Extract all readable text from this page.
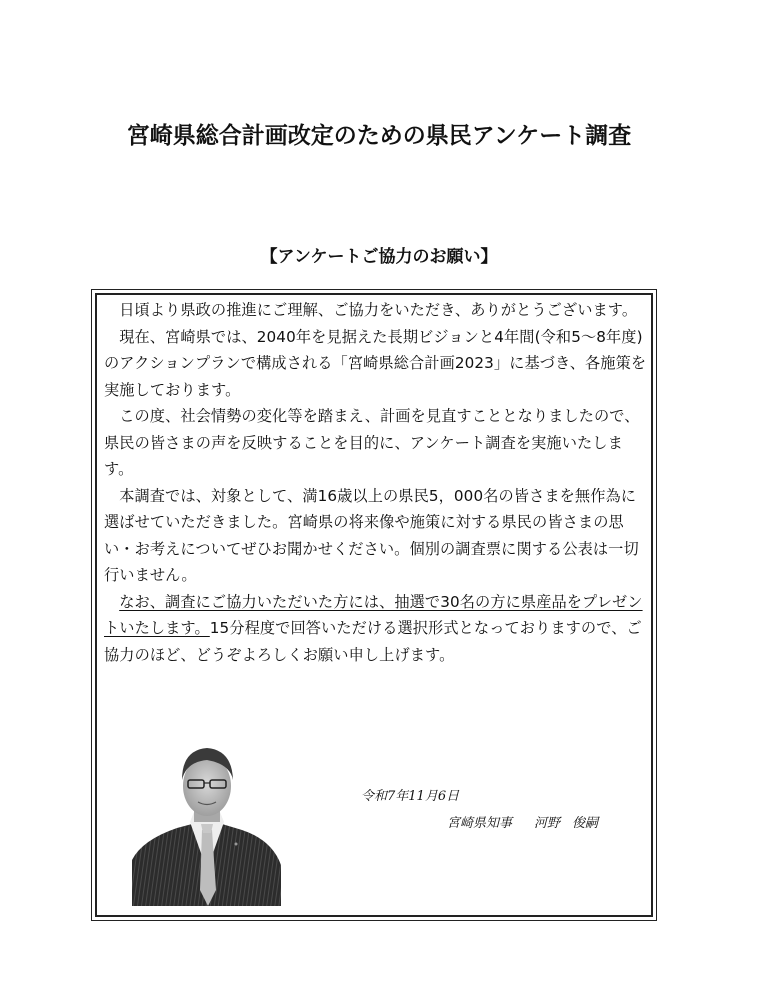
宮崎県総合計画改定のための県民アンケート調査
【アンケートご協力のお願い】

日頃より県政の推進にご理解、ご協力をいただき、ありがとうございます。

現在、宮崎県では、2040年を見据えた長期ビジョンと4年間(令和5～8年度)のアクションプランで構成される「宮崎県総合計画2023」に基づき、各施策を実施しております。

この度、社会情勢の変化等を踏まえ、計画を見直すこととなりましたので、県民の皆さまの声を反映することを目的に、アンケート調査を実施いたします。

本調査では、対象として、満16歳以上の県民5，000名の皆さまを無作為に選ばせていただきました。宮崎県の将来像や施策に対する県民の皆さまの思い・お考えについてぜひお聞かせください。個別の調査票に関する公表は一切行いません。

なお、調査にご協力いただいた方には、抽選で30名の方に県産品をプレゼントいたします。15分程度で回答いただける選択形式となっておりますので、ご協力のほど、どうぞよろしくお願い申し上げます。

令和7年11月6日
宮崎県知事 河野 俊嗣
